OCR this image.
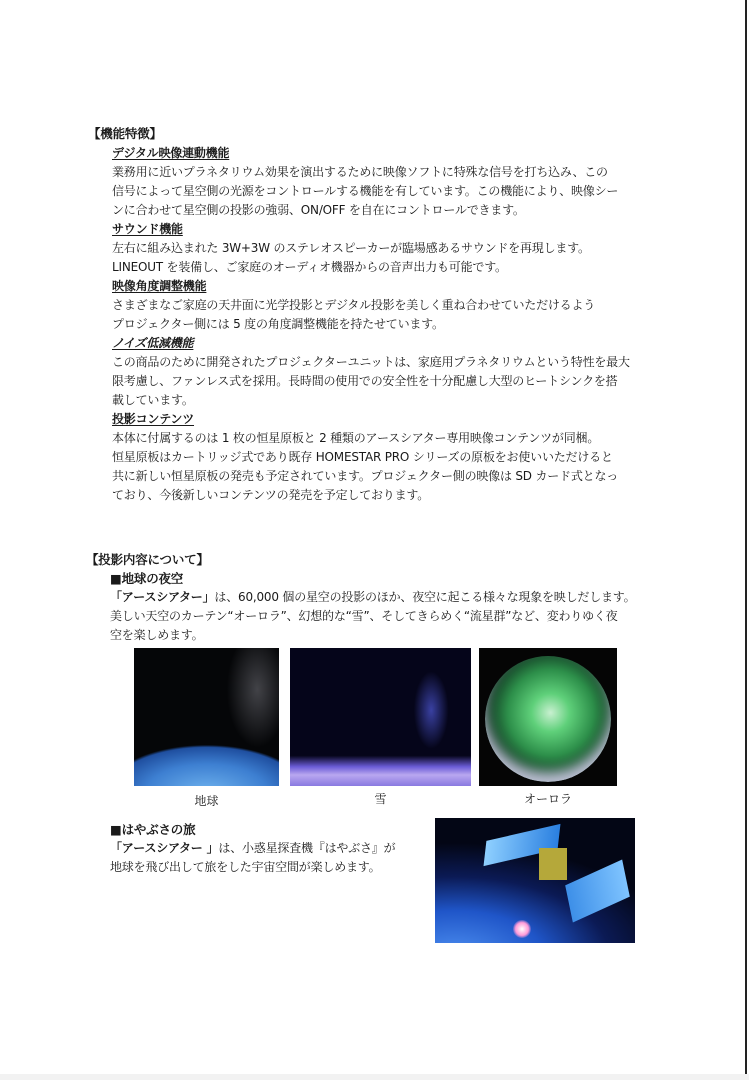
【機能特徴】
デジタル映像連動機能
業務用に近いプラネタリウム効果を演出するために映像ソフトに特殊な信号を打ち込み、この
信号によって星空側の光源をコントロールする機能を有しています。この機能により、映像シー
ンに合わせて星空側の投影の強弱、ON/OFF を自在にコントロールできます。
サウンド機能
左右に組み込まれた 3W+3W のステレオスピーカーが臨場感あるサウンドを再現します。
LINEOUT を装備し、ご家庭のオーディオ機器からの音声出力も可能です。
映像角度調整機能
さまざまなご家庭の天井面に光学投影とデジタル投影を美しく重ね合わせていただけるよう
プロジェクター側には 5 度の角度調整機能を持たせています。
ノイズ低減機能
この商品のために開発されたプロジェクターユニットは、家庭用プラネタリウムという特性を最大
限考慮し、ファンレス式を採用。長時間の使用での安全性を十分配慮し大型のヒートシンクを搭
載しています。
投影コンテンツ
本体に付属するのは 1 枚の恒星原板と 2 種類のアースシアター専用映像コンテンツが同梱。
恒星原板はカートリッジ式であり既存 HOMESTAR PRO シリーズの原板をお使いいただけると
共に新しい恒星原板の発売も予定されています。プロジェクター側の映像は SD カード式となっ
ており、今後新しいコンテンツの発売を予定しております。
【投影内容について】
■地球の夜空
「アースシアター」は、60,000 個の星空の投影のほか、夜空に起こる様々な現象を映しだします。
美しい天空のカーテン“オーロラ”、幻想的な“雪”、そしてきらめく“流星群”など、変わりゆく夜
空を楽しめます。
地球	雪	オーロラ
■はやぶさの旅
「アースシアター 」は、小惑星探査機『はやぶさ』が
地球を飛び出して旅をした宇宙空間が楽しめます。
